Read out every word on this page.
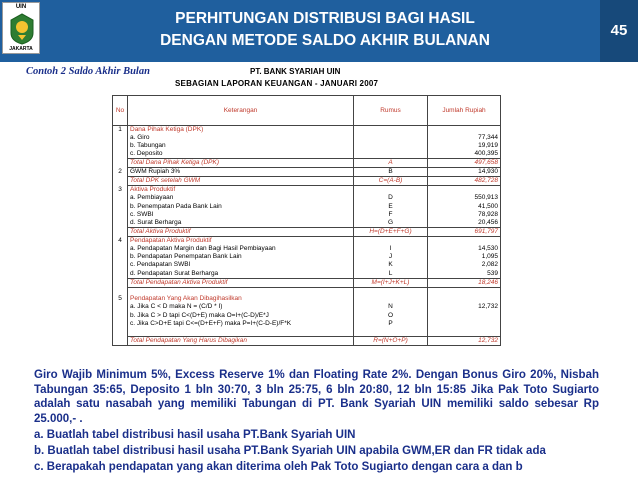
UIN
JAKARTA
PERHITUNGAN DISTRIBUSI BAGI HASIL
DENGAN METODE SALDO AKHIR BULANAN
45
Contoh 2 Saldo Akhir Bulan	PT. BANK SYARIAH UIN
SEBAGIAN LAPORAN KEUANGAN - JANUARI 2007
No	Keterangan	Rumus	Jumlah Rupiah
1	Dana Pihak Ketiga (DPK)		
	a. Giro		77,344
	b. Tabungan		19,919
	c. Deposito		400,395
	Total Dana Pihak Ketiga (DPK)	A	497,658
2	GWM Rupiah 3%	B	14,930
	Total DPK setelah GWM	C=(A-B)	482,728
3	Aktiva Produktif		
	a. Pembiayaan	D	550,913
	b. Penempatan Pada Bank Lain	E	41,500
	c. SWBI	F	78,928
	d. Surat Berharga	G	20,456
	Total Aktiva Produktif	H=(D+E+F+G)	691,797
4	Pendapatan Aktiva Produktif		
	a. Pendapatan Margin dan Bagi Hasil Pembiayaan	I	14,530
	b. Pendapatan Penempatan Bank Lain	J	1,095
	c. Pendapatan SWBI	K	2,082
	d. Pendapatan Surat Berharga	L	539
	Total Pendapatan Aktiva Produktif	M=(I+J+K+L)	18,246

5	Pendapatan Yang Akan Dibagihasilkan		
	a. Jika C < D maka N = (C/D * I)	N	12,732
	b. Jika C > D tapi C<(D+E) maka O=I+(C-D)/E*J	O	
	c. Jika C>D+E tapi C<=(D+E+F) maka P=I+(C-D-E)/F*K	P	

	Total Pendapatan Yang Harus Dibagikan	R=(N+O+P)	12,732
Giro Wajib Minimum 5%, Excess Reserve 1% dan Floating Rate 2%. Dengan Bonus Giro 20%, Nisbah Tabungan 35:65, Deposito 1 bln 30:70, 3 bln 25:75, 6 bln 20:80, 12 bln 15:85 Jika Pak Toto Sugiarto adalah satu nasabah yang memiliki Tabungan di PT. Bank Syariah UIN memiliki saldo sebesar Rp 25.000,- .
a. Buatlah tabel distribusi hasil usaha PT.Bank Syariah UIN
b. Buatlah tabel distribusi hasil usaha PT.Bank Syariah UIN apabila GWM,ER dan FR tidak ada
c. Berapakah pendapatan yang akan diterima oleh Pak Toto Sugiarto dengan cara a dan b
